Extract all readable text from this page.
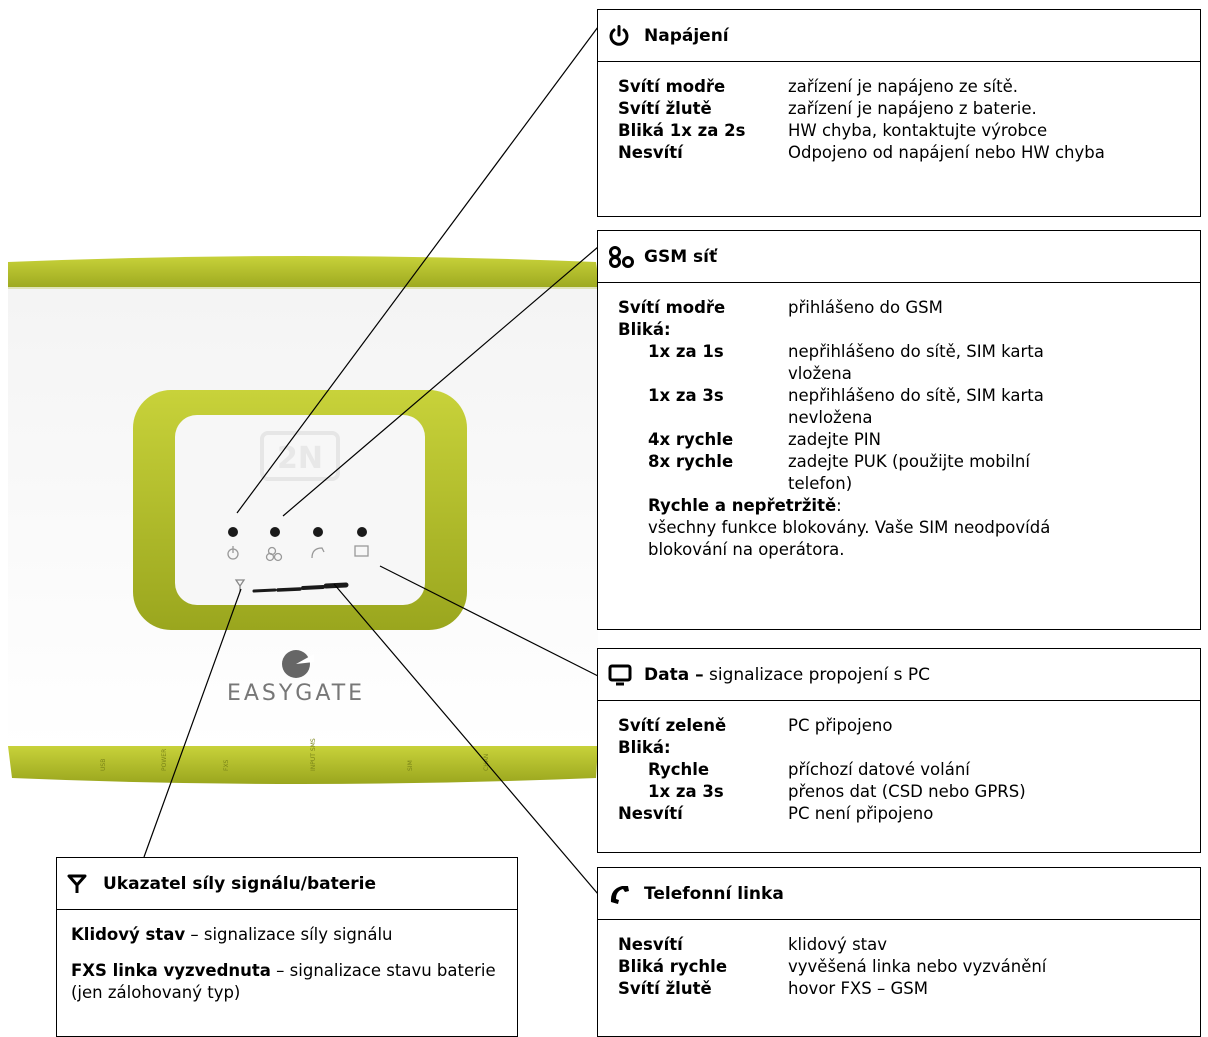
2N
EASYGATE
USB	POWER	FXS	INPUT SMS	SIM	CHAN
Napájení
Svítí modře	zařízení je napájeno ze sítě.
Svítí žlutě	zařízení je napájeno z baterie.
Bliká 1x za 2s	HW chyba, kontaktujte výrobce
Nesvítí	Odpojeno od napájení nebo HW chyba
GSM síť
Svítí modře	přihlášeno do GSM
Bliká:
1x za 1s	nepřihlášeno do sítě, SIM karta vložena
1x za 3s	nepřihlášeno do sítě, SIM karta nevložena
4x rychle	zadejte PIN
8x rychle	zadejte PUK (použijte mobilní telefon)
Rychle a nepřetržitě:
všechny funkce blokovány. Vaše SIM neodpovídá blokování na operátora.
Data – signalizace propojení s PC
Svítí zeleně	PC připojeno
Bliká:
Rychle	příchozí datové volání
1x za 3s	přenos dat (CSD nebo GPRS)
Nesvítí	PC není připojeno
Telefonní linka
Nesvítí	klidový stav
Bliká rychle	vyvěšená linka nebo vyzvánění
Svítí žlutě	hovor FXS – GSM
Ukazatel síly signálu/baterie
Klidový stav – signalizace síly signálu
FXS linka vyzvednuta – signalizace stavu baterie (jen zálohovaný typ)
